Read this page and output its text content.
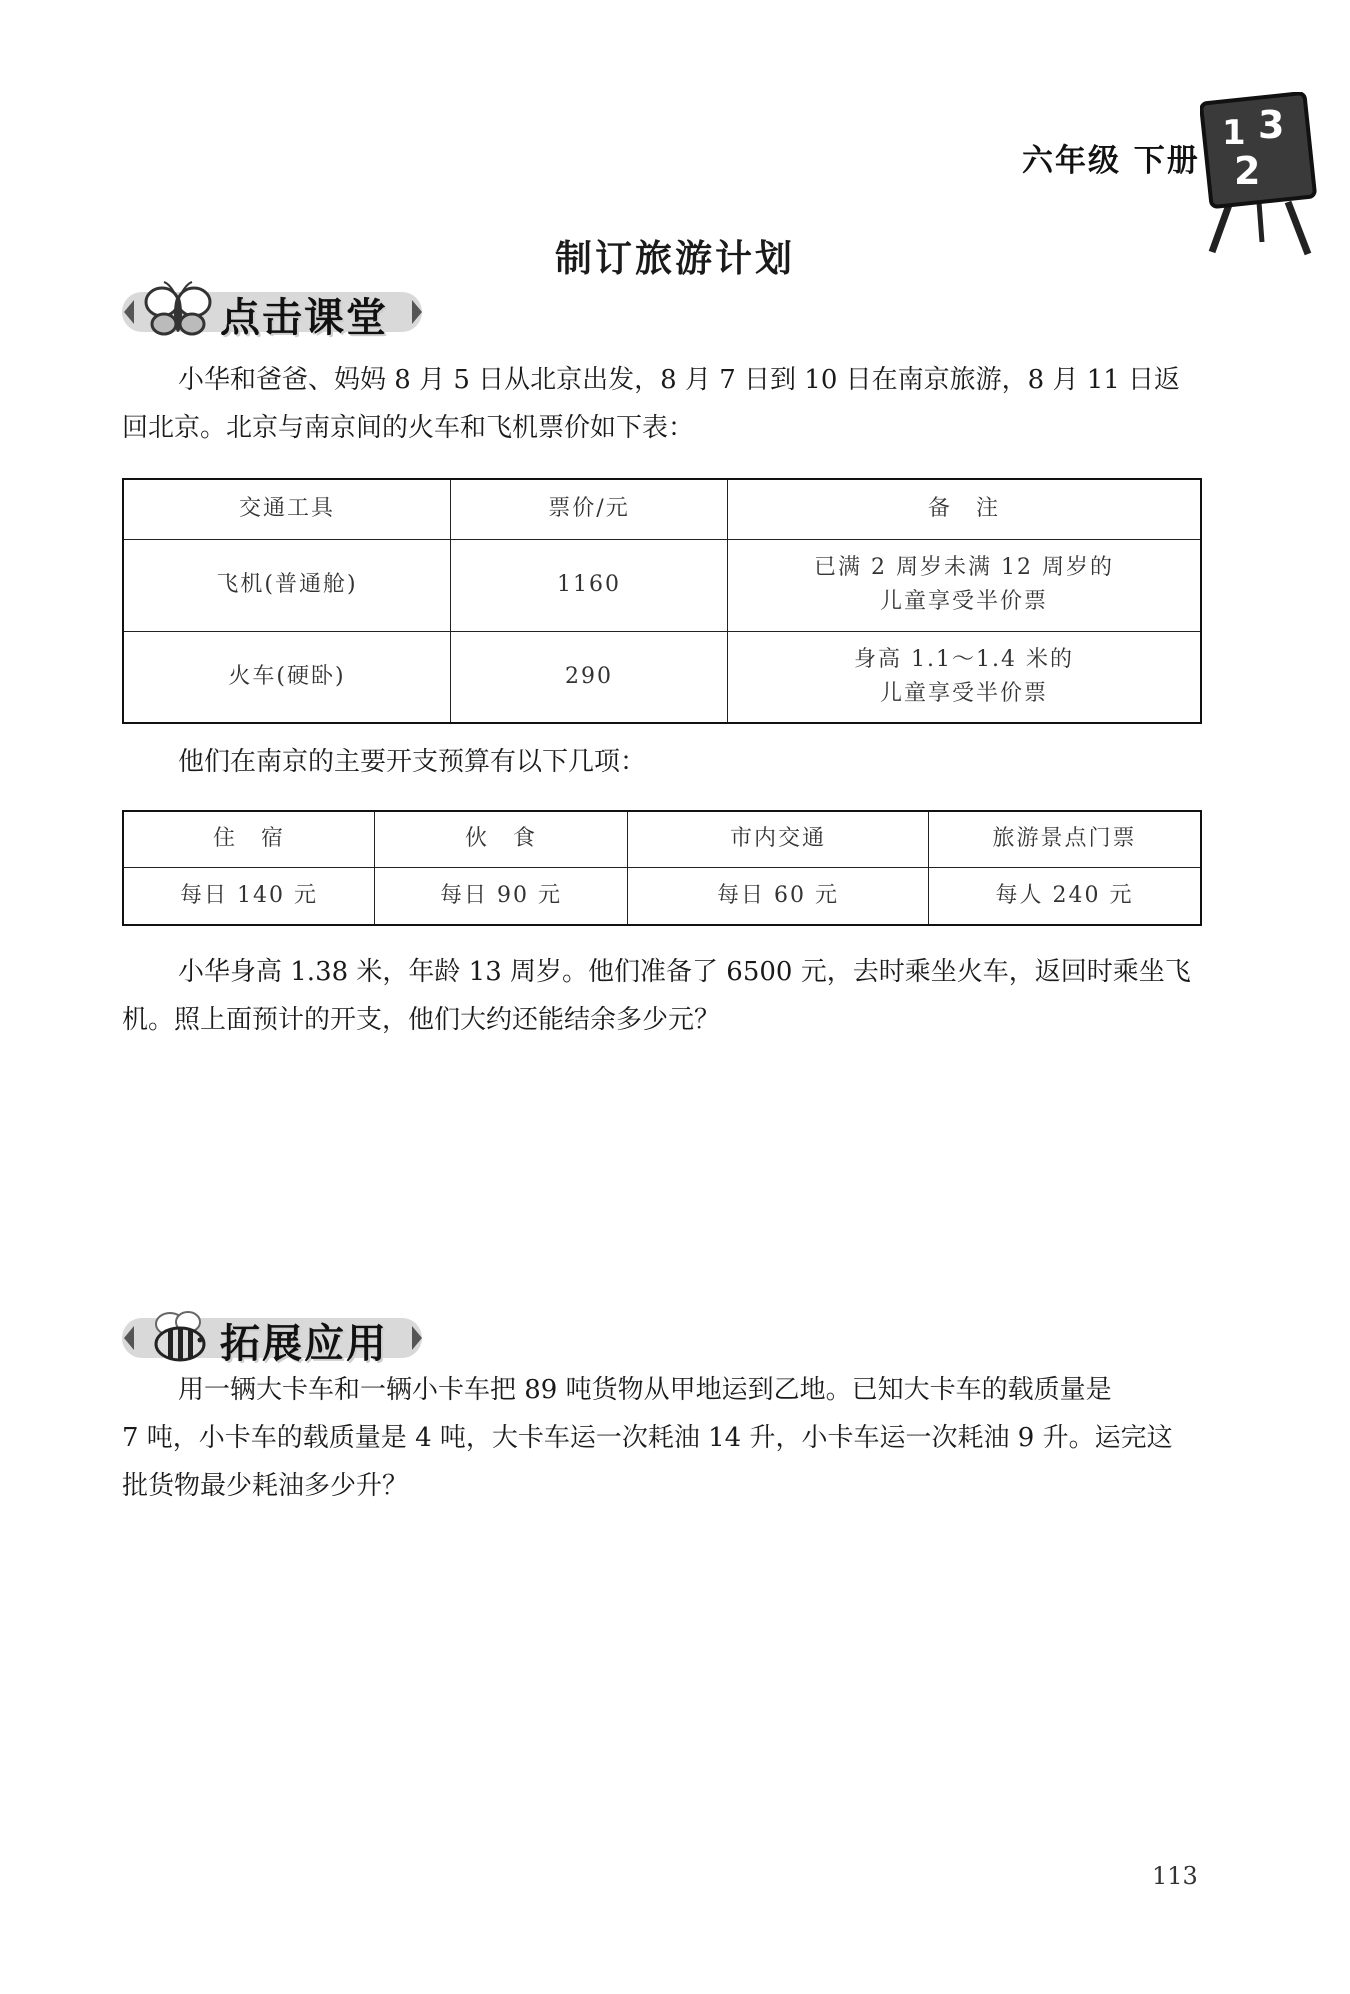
六年级 下册
1 3
2
制订旅游计划
点击课堂
小华和爸爸、妈妈 8 月 5 日从北京出发，8 月 7 日到 10 日在南京旅游，8 月 11 日返
回北京。北京与南京间的火车和飞机票价如下表：
交通工具	票价/元	备　注
飞机(普通舱)	1160	已满 2 周岁未满 12 周岁的
儿童享受半价票

火车(硬卧)	290	身高 1.1～1.4 米的
儿童享受半价票
他们在南京的主要开支预算有以下几项：
住　宿	伙　食	市内交通	旅游景点门票
每日 140 元	每日 90 元	每日 60 元	每人 240 元
小华身高 1.38 米，年龄 13 周岁。他们准备了 6500 元，去时乘坐火车，返回时乘坐飞
机。照上面预计的开支，他们大约还能结余多少元？
拓展应用
用一辆大卡车和一辆小卡车把 89 吨货物从甲地运到乙地。已知大卡车的载质量是
7 吨，小卡车的载质量是 4 吨，大卡车运一次耗油 14 升，小卡车运一次耗油 9 升。运完这
批货物最少耗油多少升？
113
